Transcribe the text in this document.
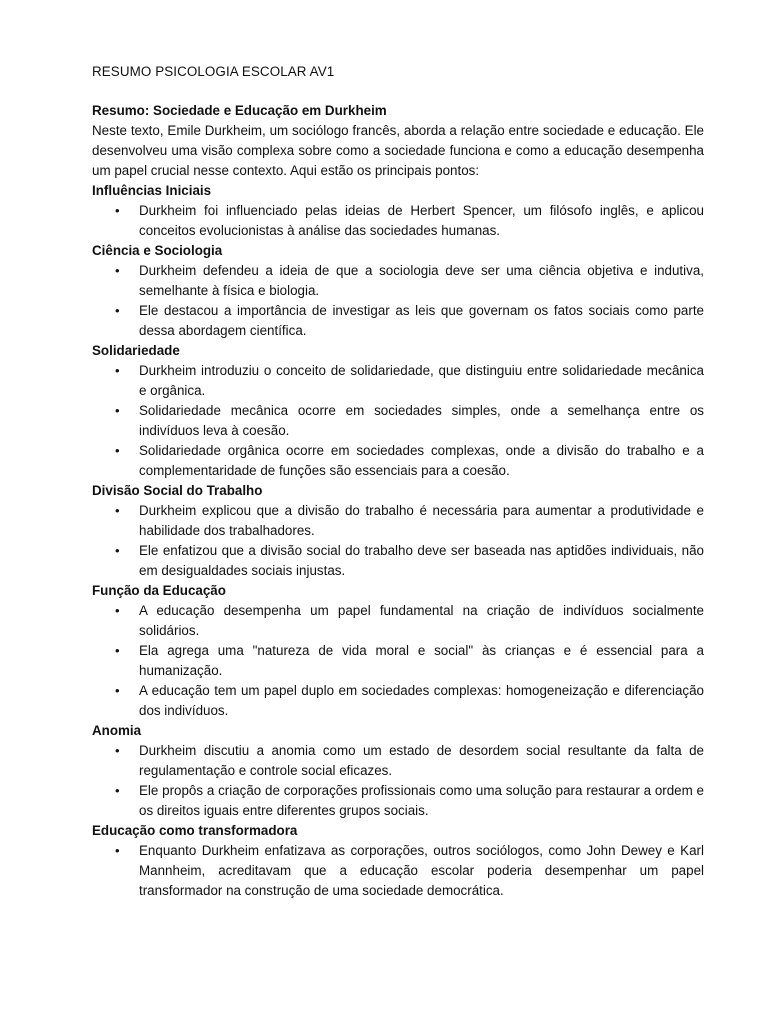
RESUMO PSICOLOGIA ESCOLAR AV1

Resumo: Sociedade e Educação em Durkheim

Neste texto, Emile Durkheim, um sociólogo francês, aborda a relação entre sociedade e educação. Ele desenvolveu uma visão complexa sobre como a sociedade funciona e como a educação desempenha um papel crucial nesse contexto. Aqui estão os principais pontos:

Influências Iniciais

• Durkheim foi influenciado pelas ideias de Herbert Spencer, um filósofo inglês, e aplicou conceitos evolucionistas à análise das sociedades humanas.

Ciência e Sociologia

• Durkheim defendeu a ideia de que a sociologia deve ser uma ciência objetiva e indutiva, semelhante à física e biologia.
• Ele destacou a importância de investigar as leis que governam os fatos sociais como parte dessa abordagem científica.

Solidariedade

• Durkheim introduziu o conceito de solidariedade, que distinguiu entre solidariedade mecânica e orgânica.
• Solidariedade mecânica ocorre em sociedades simples, onde a semelhança entre os indivíduos leva à coesão.
• Solidariedade orgânica ocorre em sociedades complexas, onde a divisão do trabalho e a complementaridade de funções são essenciais para a coesão.

Divisão Social do Trabalho

• Durkheim explicou que a divisão do trabalho é necessária para aumentar a produtividade e habilidade dos trabalhadores.
• Ele enfatizou que a divisão social do trabalho deve ser baseada nas aptidões individuais, não em desigualdades sociais injustas.

Função da Educação

• A educação desempenha um papel fundamental na criação de indivíduos socialmente solidários.
• Ela agrega uma "natureza de vida moral e social" às crianças e é essencial para a humanização.
• A educação tem um papel duplo em sociedades complexas: homogeneização e diferenciação dos indivíduos.

Anomia

• Durkheim discutiu a anomia como um estado de desordem social resultante da falta de regulamentação e controle social eficazes.
• Ele propôs a criação de corporações profissionais como uma solução para restaurar a ordem e os direitos iguais entre diferentes grupos sociais.

Educação como transformadora

• Enquanto Durkheim enfatizava as corporações, outros sociólogos, como John Dewey e Karl Mannheim, acreditavam que a educação escolar poderia desempenhar um papel transformador na construção de uma sociedade democrática.
